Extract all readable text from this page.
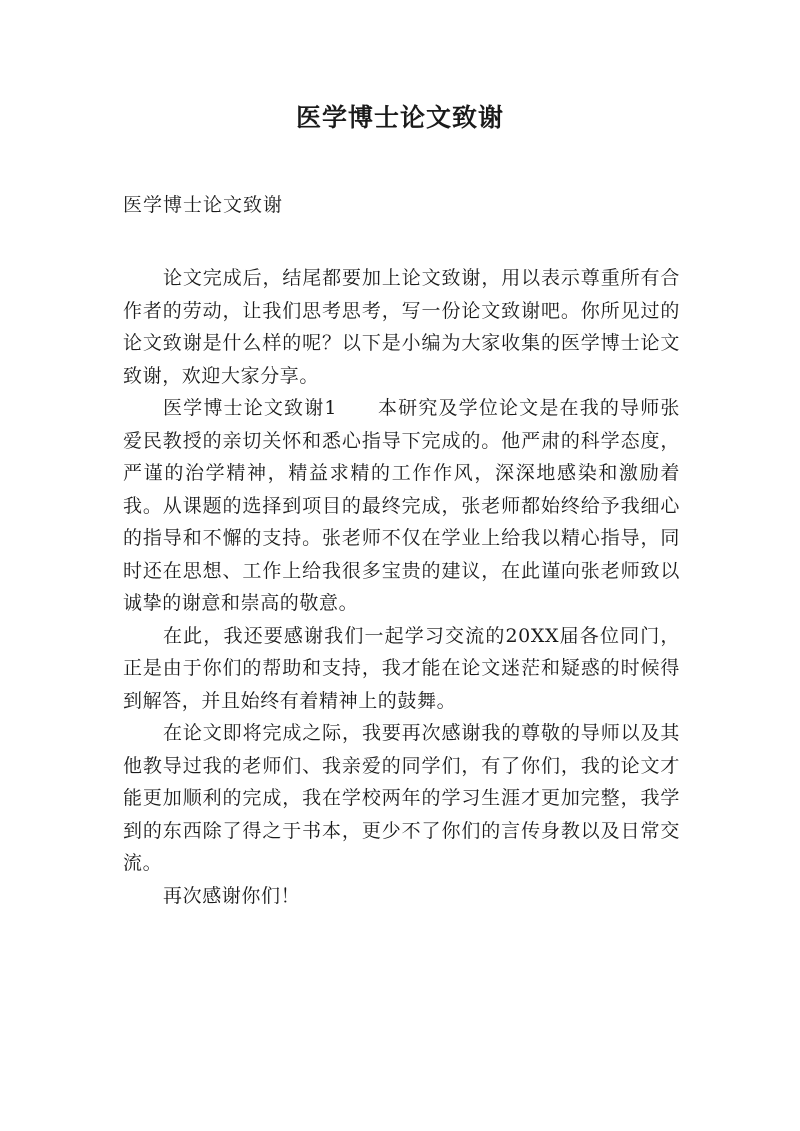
医学博士论文致谢
医学博士论文致谢

论文完成后，结尾都要加上论文致谢，用以表示尊重所有合作者的劳动，让我们思考思考，写一份论文致谢吧。你所见过的论文致谢是什么样的呢？以下是小编为大家收集的医学博士论文致谢，欢迎大家分享。

医学博士论文致谢1　　本研究及学位论文是在我的导师张爱民教授的亲切关怀和悉心指导下完成的。他严肃的科学态度，严谨的治学精神，精益求精的工作作风，深深地感染和激励着我。从课题的选择到项目的最终完成，张老师都始终给予我细心的指导和不懈的支持。张老师不仅在学业上给我以精心指导，同时还在思想、工作上给我很多宝贵的建议，在此谨向张老师致以诚挚的谢意和崇高的敬意。

在此，我还要感谢我们一起学习交流的20XX届各位同门，正是由于你们的帮助和支持，我才能在论文迷茫和疑惑的时候得到解答，并且始终有着精神上的鼓舞。

在论文即将完成之际，我要再次感谢我的尊敬的导师以及其他教导过我的老师们、我亲爱的同学们，有了你们，我的论文才能更加顺利的完成，我在学校两年的学习生涯才更加完整，我学到的东西除了得之于书本，更少不了你们的言传身教以及日常交流。

再次感谢你们！
